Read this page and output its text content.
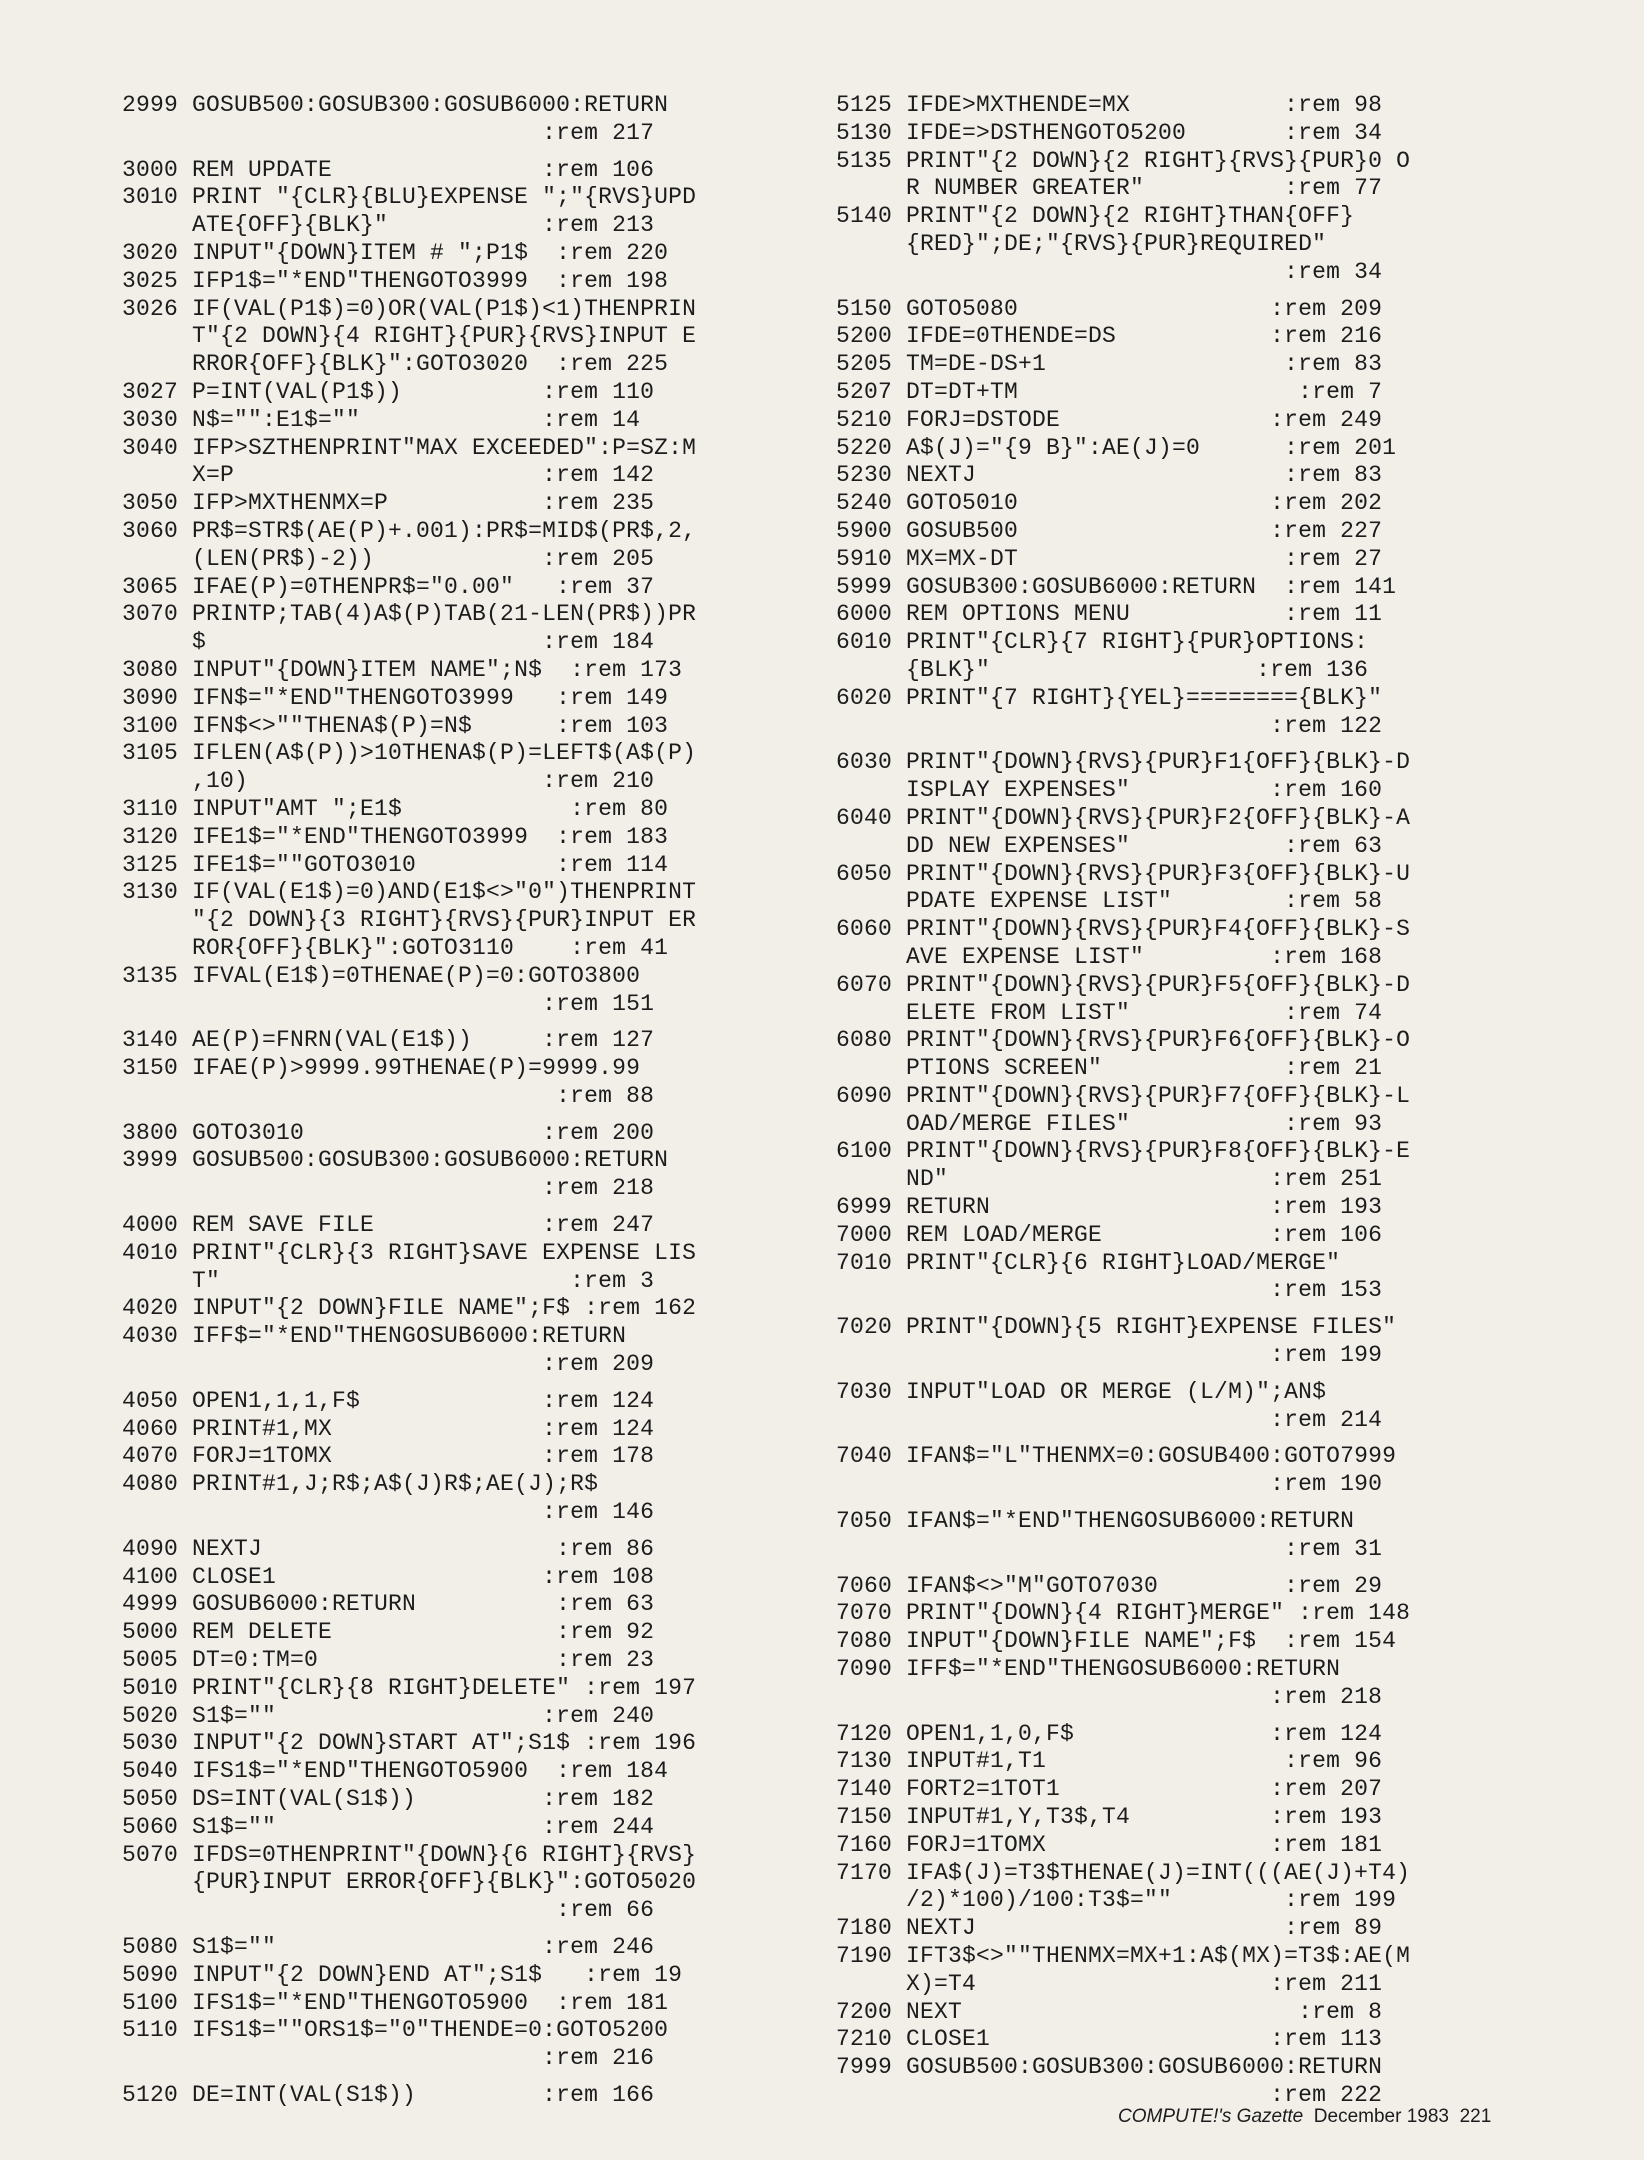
2999 GOSUB500:GOSUB300:GOSUB6000:RETURN
:rem 217
3000 REM UPDATE               :rem 106
3010 PRINT "{CLR}{BLU}EXPENSE ";"{RVS}UPD
ATE{OFF}{BLK}"           :rem 213
3020 INPUT"{DOWN}ITEM # ";P1$  :rem 220
3025 IFP1$="*END"THENGOTO3999  :rem 198
3026 IF(VAL(P1$)=0)OR(VAL(P1$)<1)THENPRIN
T"{2 DOWN}{4 RIGHT}{PUR}{RVS}INPUT E
RROR{OFF}{BLK}":GOTO3020  :rem 225
3027 P=INT(VAL(P1$))          :rem 110
3030 N$="":E1$=""             :rem 14
3040 IFP>SZTHENPRINT"MAX EXCEEDED":P=SZ:M
X=P                      :rem 142
3050 IFP>MXTHENMX=P           :rem 235
3060 PR$=STR$(AE(P)+.001):PR$=MID$(PR$,2,
(LEN(PR$)-2))            :rem 205
3065 IFAE(P)=0THENPR$="0.00"   :rem 37
3070 PRINTP;TAB(4)A$(P)TAB(21-LEN(PR$))PR
$                        :rem 184
3080 INPUT"{DOWN}ITEM NAME";N$  :rem 173
3090 IFN$="*END"THENGOTO3999   :rem 149
3100 IFN$<>""THENA$(P)=N$      :rem 103
3105 IFLEN(A$(P))>10THENA$(P)=LEFT$(A$(P)
,10)                     :rem 210
3110 INPUT"AMT ";E1$            :rem 80
3120 IFE1$="*END"THENGOTO3999  :rem 183
3125 IFE1$=""GOTO3010          :rem 114
3130 IF(VAL(E1$)=0)AND(E1$<>"0")THENPRINT
"{2 DOWN}{3 RIGHT}{RVS}{PUR}INPUT ER
ROR{OFF}{BLK}":GOTO3110    :rem 41
3135 IFVAL(E1$)=0THENAE(P)=0:GOTO3800
:rem 151
3140 AE(P)=FNRN(VAL(E1$))     :rem 127
3150 IFAE(P)>9999.99THENAE(P)=9999.99
:rem 88
3800 GOTO3010                 :rem 200
3999 GOSUB500:GOSUB300:GOSUB6000:RETURN
:rem 218
4000 REM SAVE FILE            :rem 247
4010 PRINT"{CLR}{3 RIGHT}SAVE EXPENSE LIS
T"                         :rem 3
4020 INPUT"{2 DOWN}FILE NAME";F$ :rem 162
4030 IFF$="*END"THENGOSUB6000:RETURN
:rem 209
4050 OPEN1,1,1,F$             :rem 124
4060 PRINT#1,MX               :rem 124
4070 FORJ=1TOMX               :rem 178
4080 PRINT#1,J;R$;A$(J)R$;AE(J);R$
:rem 146
4090 NEXTJ                     :rem 86
4100 CLOSE1                   :rem 108
4999 GOSUB6000:RETURN          :rem 63
5000 REM DELETE                :rem 92
5005 DT=0:TM=0                 :rem 23
5010 PRINT"{CLR}{8 RIGHT}DELETE" :rem 197
5020 S1$=""                   :rem 240
5030 INPUT"{2 DOWN}START AT";S1$ :rem 196
5040 IFS1$="*END"THENGOTO5900  :rem 184
5050 DS=INT(VAL(S1$))         :rem 182
5060 S1$=""                   :rem 244
5070 IFDS=0THENPRINT"{DOWN}{6 RIGHT}{RVS}
{PUR}INPUT ERROR{OFF}{BLK}":GOTO5020
:rem 66
5080 S1$=""                   :rem 246
5090 INPUT"{2 DOWN}END AT";S1$   :rem 19
5100 IFS1$="*END"THENGOTO5900  :rem 181
5110 IFS1$=""ORS1$="0"THENDE=0:GOTO5200
:rem 216
5120 DE=INT(VAL(S1$))         :rem 166
5125 IFDE>MXTHENDE=MX           :rem 98
5130 IFDE=>DSTHENGOTO5200       :rem 34
5135 PRINT"{2 DOWN}{2 RIGHT}{RVS}{PUR}0 O
R NUMBER GREATER"          :rem 77
5140 PRINT"{2 DOWN}{2 RIGHT}THAN{OFF}
{RED}";DE;"{RVS}{PUR}REQUIRED"
:rem 34
5150 GOTO5080                  :rem 209
5200 IFDE=0THENDE=DS           :rem 216
5205 TM=DE-DS+1                 :rem 83
5207 DT=DT+TM                    :rem 7
5210 FORJ=DSTODE               :rem 249
5220 A$(J)="{9 B}":AE(J)=0      :rem 201
5230 NEXTJ                      :rem 83
5240 GOTO5010                  :rem 202
5900 GOSUB500                  :rem 227
5910 MX=MX-DT                   :rem 27
5999 GOSUB300:GOSUB6000:RETURN  :rem 141
6000 REM OPTIONS MENU           :rem 11
6010 PRINT"{CLR}{7 RIGHT}{PUR}OPTIONS:
{BLK}"                   :rem 136
6020 PRINT"{7 RIGHT}{YEL}========{BLK}"
:rem 122
6030 PRINT"{DOWN}{RVS}{PUR}F1{OFF}{BLK}-D
ISPLAY EXPENSES"          :rem 160
6040 PRINT"{DOWN}{RVS}{PUR}F2{OFF}{BLK}-A
DD NEW EXPENSES"           :rem 63
6050 PRINT"{DOWN}{RVS}{PUR}F3{OFF}{BLK}-U
PDATE EXPENSE LIST"        :rem 58
6060 PRINT"{DOWN}{RVS}{PUR}F4{OFF}{BLK}-S
AVE EXPENSE LIST"         :rem 168
6070 PRINT"{DOWN}{RVS}{PUR}F5{OFF}{BLK}-D
ELETE FROM LIST"           :rem 74
6080 PRINT"{DOWN}{RVS}{PUR}F6{OFF}{BLK}-O
PTIONS SCREEN"             :rem 21
6090 PRINT"{DOWN}{RVS}{PUR}F7{OFF}{BLK}-L
OAD/MERGE FILES"           :rem 93
6100 PRINT"{DOWN}{RVS}{PUR}F8{OFF}{BLK}-E
ND"                       :rem 251
6999 RETURN                    :rem 193
7000 REM LOAD/MERGE            :rem 106
7010 PRINT"{CLR}{6 RIGHT}LOAD/MERGE"
:rem 153
7020 PRINT"{DOWN}{5 RIGHT}EXPENSE FILES"
:rem 199
7030 INPUT"LOAD OR MERGE (L/M)";AN$
:rem 214
7040 IFAN$="L"THENMX=0:GOSUB400:GOTO7999
:rem 190
7050 IFAN$="*END"THENGOSUB6000:RETURN
:rem 31
7060 IFAN$<>"M"GOTO7030         :rem 29
7070 PRINT"{DOWN}{4 RIGHT}MERGE" :rem 148
7080 INPUT"{DOWN}FILE NAME";F$  :rem 154
7090 IFF$="*END"THENGOSUB6000:RETURN
:rem 218
7120 OPEN1,1,0,F$              :rem 124
7130 INPUT#1,T1                 :rem 96
7140 FORT2=1TOT1               :rem 207
7150 INPUT#1,Y,T3$,T4          :rem 193
7160 FORJ=1TOMX                :rem 181
7170 IFA$(J)=T3$THENAE(J)=INT(((AE(J)+T4)
/2)*100)/100:T3$=""        :rem 199
7180 NEXTJ                      :rem 89
7190 IFT3$<>""THENMX=MX+1:A$(MX)=T3$:AE(M
X)=T4                     :rem 211
7200 NEXT                        :rem 8
7210 CLOSE1                    :rem 113
7999 GOSUB500:GOSUB300:GOSUB6000:RETURN
:rem 222
COMPUTE!'s Gazette December 1983 221
